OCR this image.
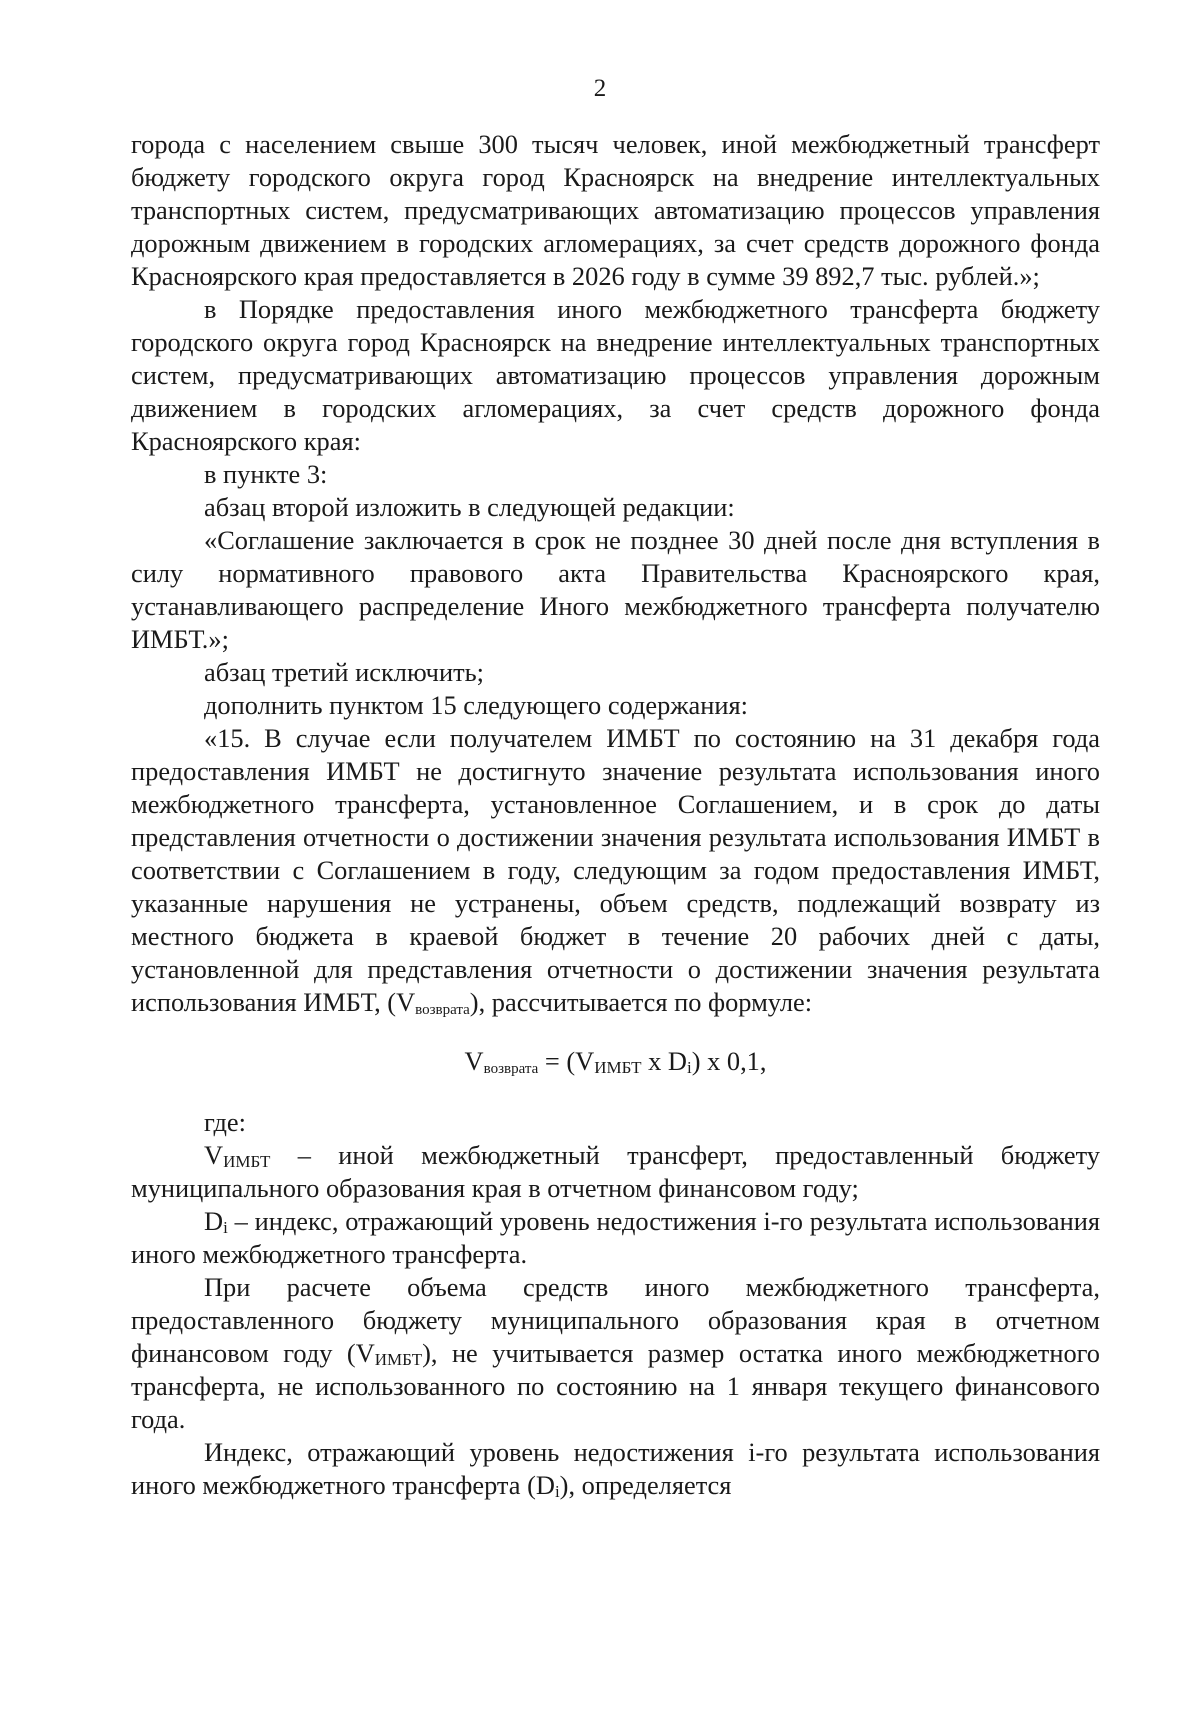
2

города с населением свыше 300 тысяч человек, иной межбюджетный трансферт бюджету городского округа город Красноярск на внедрение интеллектуальных транспортных систем, предусматривающих автоматизацию процессов управления дорожным движением в городских агломерациях, за счет средств дорожного фонда Красноярского края предоставляется в 2026 году в сумме 39 892,7 тыс. рублей.»;

в Порядке предоставления иного межбюджетного трансферта бюджету городского округа город Красноярск на внедрение интеллектуальных транспортных систем, предусматривающих автоматизацию процессов управления дорожным движением в городских агломерациях, за счет средств дорожного фонда Красноярского края:

в пункте 3:

абзац второй изложить в следующей редакции:

«Соглашение заключается в срок не позднее 30 дней после дня вступления в силу нормативного правового акта Правительства Красноярского края, устанавливающего распределение Иного межбюджетного трансферта получателю ИМБТ.»;

абзац третий исключить;

дополнить пунктом 15 следующего содержания:

«15. В случае если получателем ИМБТ по состоянию на 31 декабря года предоставления ИМБТ не достигнуто значение результата использования иного межбюджетного трансферта, установленное Соглашением, и в срок до даты представления отчетности о достижении значения результата использования ИМБТ в соответствии с Соглашением в году, следующим за годом предоставления ИМБТ, указанные нарушения не устранены, объем средств, подлежащий возврату из местного бюджета в краевой бюджет в течение 20 рабочих дней с даты, установленной для представления отчетности о достижении значения результата использования ИМБТ, $(V_{возврата})$, рассчитывается по формуле:

$V_{возврата} = (V_{ИМБТ}$ x $D_i$) x 0,1,

где:

$V_{ИМБТ}$ – иной межбюджетный трансферт, предоставленный бюджету муниципального образования края в отчетном финансовом году;

$D_i$ – индекс, отражающий уровень недостижения i-го результата использования иного межбюджетного трансферта.

При расчете объема средств иного межбюджетного трансферта, предоставленного бюджету муниципального образования края в отчетном финансовом году $(V_{ИМБТ})$, не учитывается размер остатка иного межбюджетного трансферта, не использованного по состоянию на 1 января текущего финансового года.

Индекс, отражающий уровень недостижения i-го результата использования иного межбюджетного трансферта $(D_i)$, определяется
